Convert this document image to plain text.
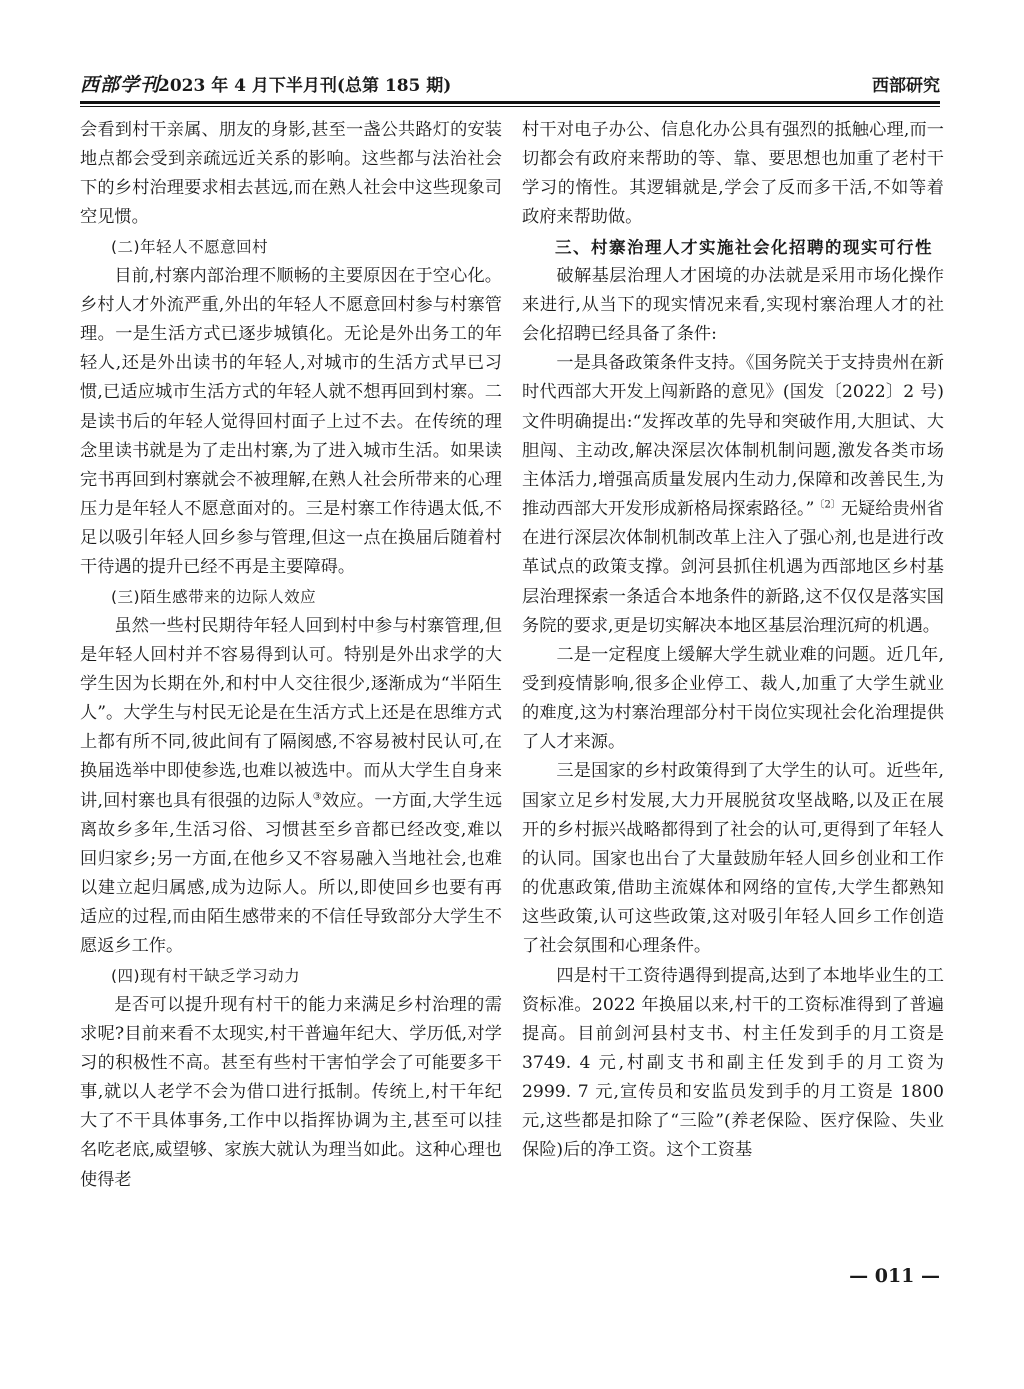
西部学刊
2023 年 4 月下半月刊(总第 185 期)	西部研究

会看到村干亲属、朋友的身影,甚至一盏公共路灯的安装地点都会受到亲疏远近关系的影响。这些都与法治社会下的乡村治理要求相去甚远,而在熟人社会中这些现象司空见惯。

(二)年轻人不愿意回村

目前,村寨内部治理不顺畅的主要原因在于空心化。乡村人才外流严重,外出的年轻人不愿意回村参与村寨管理。一是生活方式已逐步城镇化。无论是外出务工的年轻人,还是外出读书的年轻人,对城市的生活方式早已习惯,已适应城市生活方式的年轻人就不想再回到村寨。二是读书后的年轻人觉得回村面子上过不去。在传统的理念里读书就是为了走出村寨,为了进入城市生活。如果读完书再回到村寨就会不被理解,在熟人社会所带来的心理压力是年轻人不愿意面对的。三是村寨工作待遇太低,不足以吸引年轻人回乡参与管理,但这一点在换届后随着村干待遇的提升已经不再是主要障碍。

(三)陌生感带来的边际人效应

虽然一些村民期待年轻人回到村中参与村寨管理,但是年轻人回村并不容易得到认可。特别是外出求学的大学生因为长期在外,和村中人交往很少,逐渐成为“半陌生人”。大学生与村民无论是在生活方式上还是在思维方式上都有所不同,彼此间有了隔阂感,不容易被村民认可,在换届选举中即使参选,也难以被选中。而从大学生自身来讲,回村寨也具有很强的边际人③效应。一方面,大学生远离故乡多年,生活习俗、习惯甚至乡音都已经改变,难以回归家乡;另一方面,在他乡又不容易融入当地社会,也难以建立起归属感,成为边际人。所以,即使回乡也要有再适应的过程,而由陌生感带来的不信任导致部分大学生不愿返乡工作。

(四)现有村干缺乏学习动力

是否可以提升现有村干的能力来满足乡村治理的需求呢?目前来看不太现实,村干普遍年纪大、学历低,对学习的积极性不高。甚至有些村干害怕学会了可能要多干事,就以人老学不会为借口进行抵制。传统上,村干年纪大了不干具体事务,工作中以指挥协调为主,甚至可以挂名吃老底,威望够、家族大就认为理当如此。这种心理也使得老

村干对电子办公、信息化办公具有强烈的抵触心理,而一切都会有政府来帮助的等、靠、要思想也加重了老村干学习的惰性。其逻辑就是,学会了反而多干活,不如等着政府来帮助做。

三、村寨治理人才实施社会化招聘的现实可行性

破解基层治理人才困境的办法就是采用市场化操作来进行,从当下的现实情况来看,实现村寨治理人才的社会化招聘已经具备了条件:

一是具备政策条件支持。《国务院关于支持贵州在新时代西部大开发上闯新路的意见》(国发〔2022〕2 号)文件明确提出:“发挥改革的先导和突破作用,大胆试、大胆闯、主动改,解决深层次体制机制问题,激发各类市场主体活力,增强高质量发展内生动力,保障和改善民生,为推动西部大开发形成新格局探索路径。”$^{〔2〕}$无疑给贵州省在进行深层次体制机制改革上注入了强心剂,也是进行改革试点的政策支撑。剑河县抓住机遇为西部地区乡村基层治理探索一条适合本地条件的新路,这不仅仅是落实国务院的要求,更是切实解决本地区基层治理沉疴的机遇。

二是一定程度上缓解大学生就业难的问题。近几年,受到疫情影响,很多企业停工、裁人,加重了大学生就业的难度,这为村寨治理部分村干岗位实现社会化治理提供了人才来源。

三是国家的乡村政策得到了大学生的认可。近些年,国家立足乡村发展,大力开展脱贫攻坚战略,以及正在展开的乡村振兴战略都得到了社会的认可,更得到了年轻人的认同。国家也出台了大量鼓励年轻人回乡创业和工作的优惠政策,借助主流媒体和网络的宣传,大学生都熟知这些政策,认可这些政策,这对吸引年轻人回乡工作创造了社会氛围和心理条件。

四是村干工资待遇得到提高,达到了本地毕业生的工资标准。2022 年换届以来,村干的工资标准得到了普遍提高。目前剑河县村支书、村主任发到手的月工资是 3749. 4 元,村副支书和副主任发到手的月工资为 2999. 7 元,宣传员和安监员发到手的月工资是 1800 元,这些都是扣除了“三险”(养老保险、医疗保险、失业保险)后的净工资。这个工资基

— 011 —
